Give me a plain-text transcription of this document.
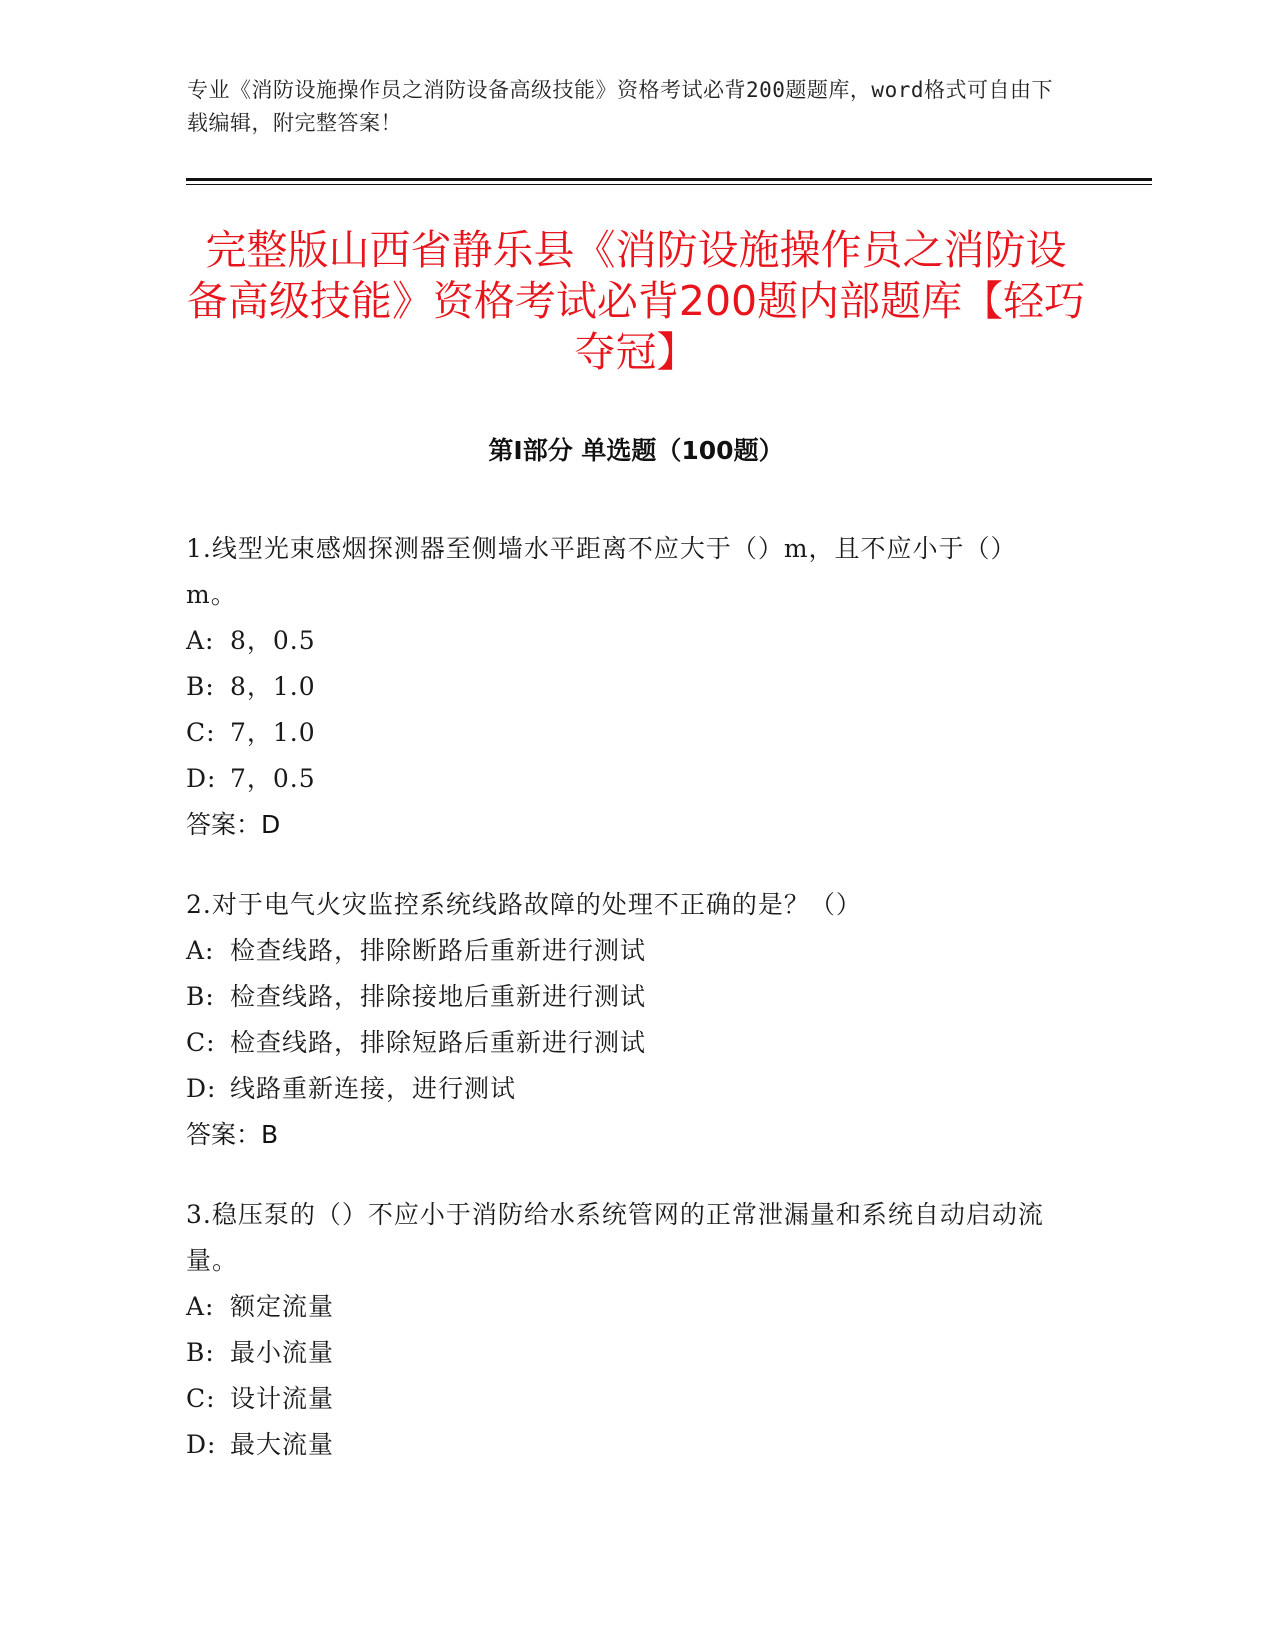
专业《消防设施操作员之消防设备高级技能》资格考试必背200题题库，word格式可自由下载编辑，附完整答案！
完整版山西省静乐县《消防设施操作员之消防设备高级技能》资格考试必背200题内部题库【轻巧夺冠】
第Ⅰ部分 单选题（100题）
1.线型光束感烟探测器至侧墙水平距离不应大于（）m，且不应小于（）m。
A: 8，0.5
B: 8，1.0
C: 7，1.0
D: 7，0.5
答案：D
2.对于电气火灾监控系统线路故障的处理不正确的是？（）
A: 检查线路，排除断路后重新进行测试
B: 检查线路，排除接地后重新进行测试
C: 检查线路，排除短路后重新进行测试
D: 线路重新连接，进行测试
答案：B
3.稳压泵的（）不应小于消防给水系统管网的正常泄漏量和系统自动启动流量。
A: 额定流量
B: 最小流量
C: 设计流量
D: 最大流量
